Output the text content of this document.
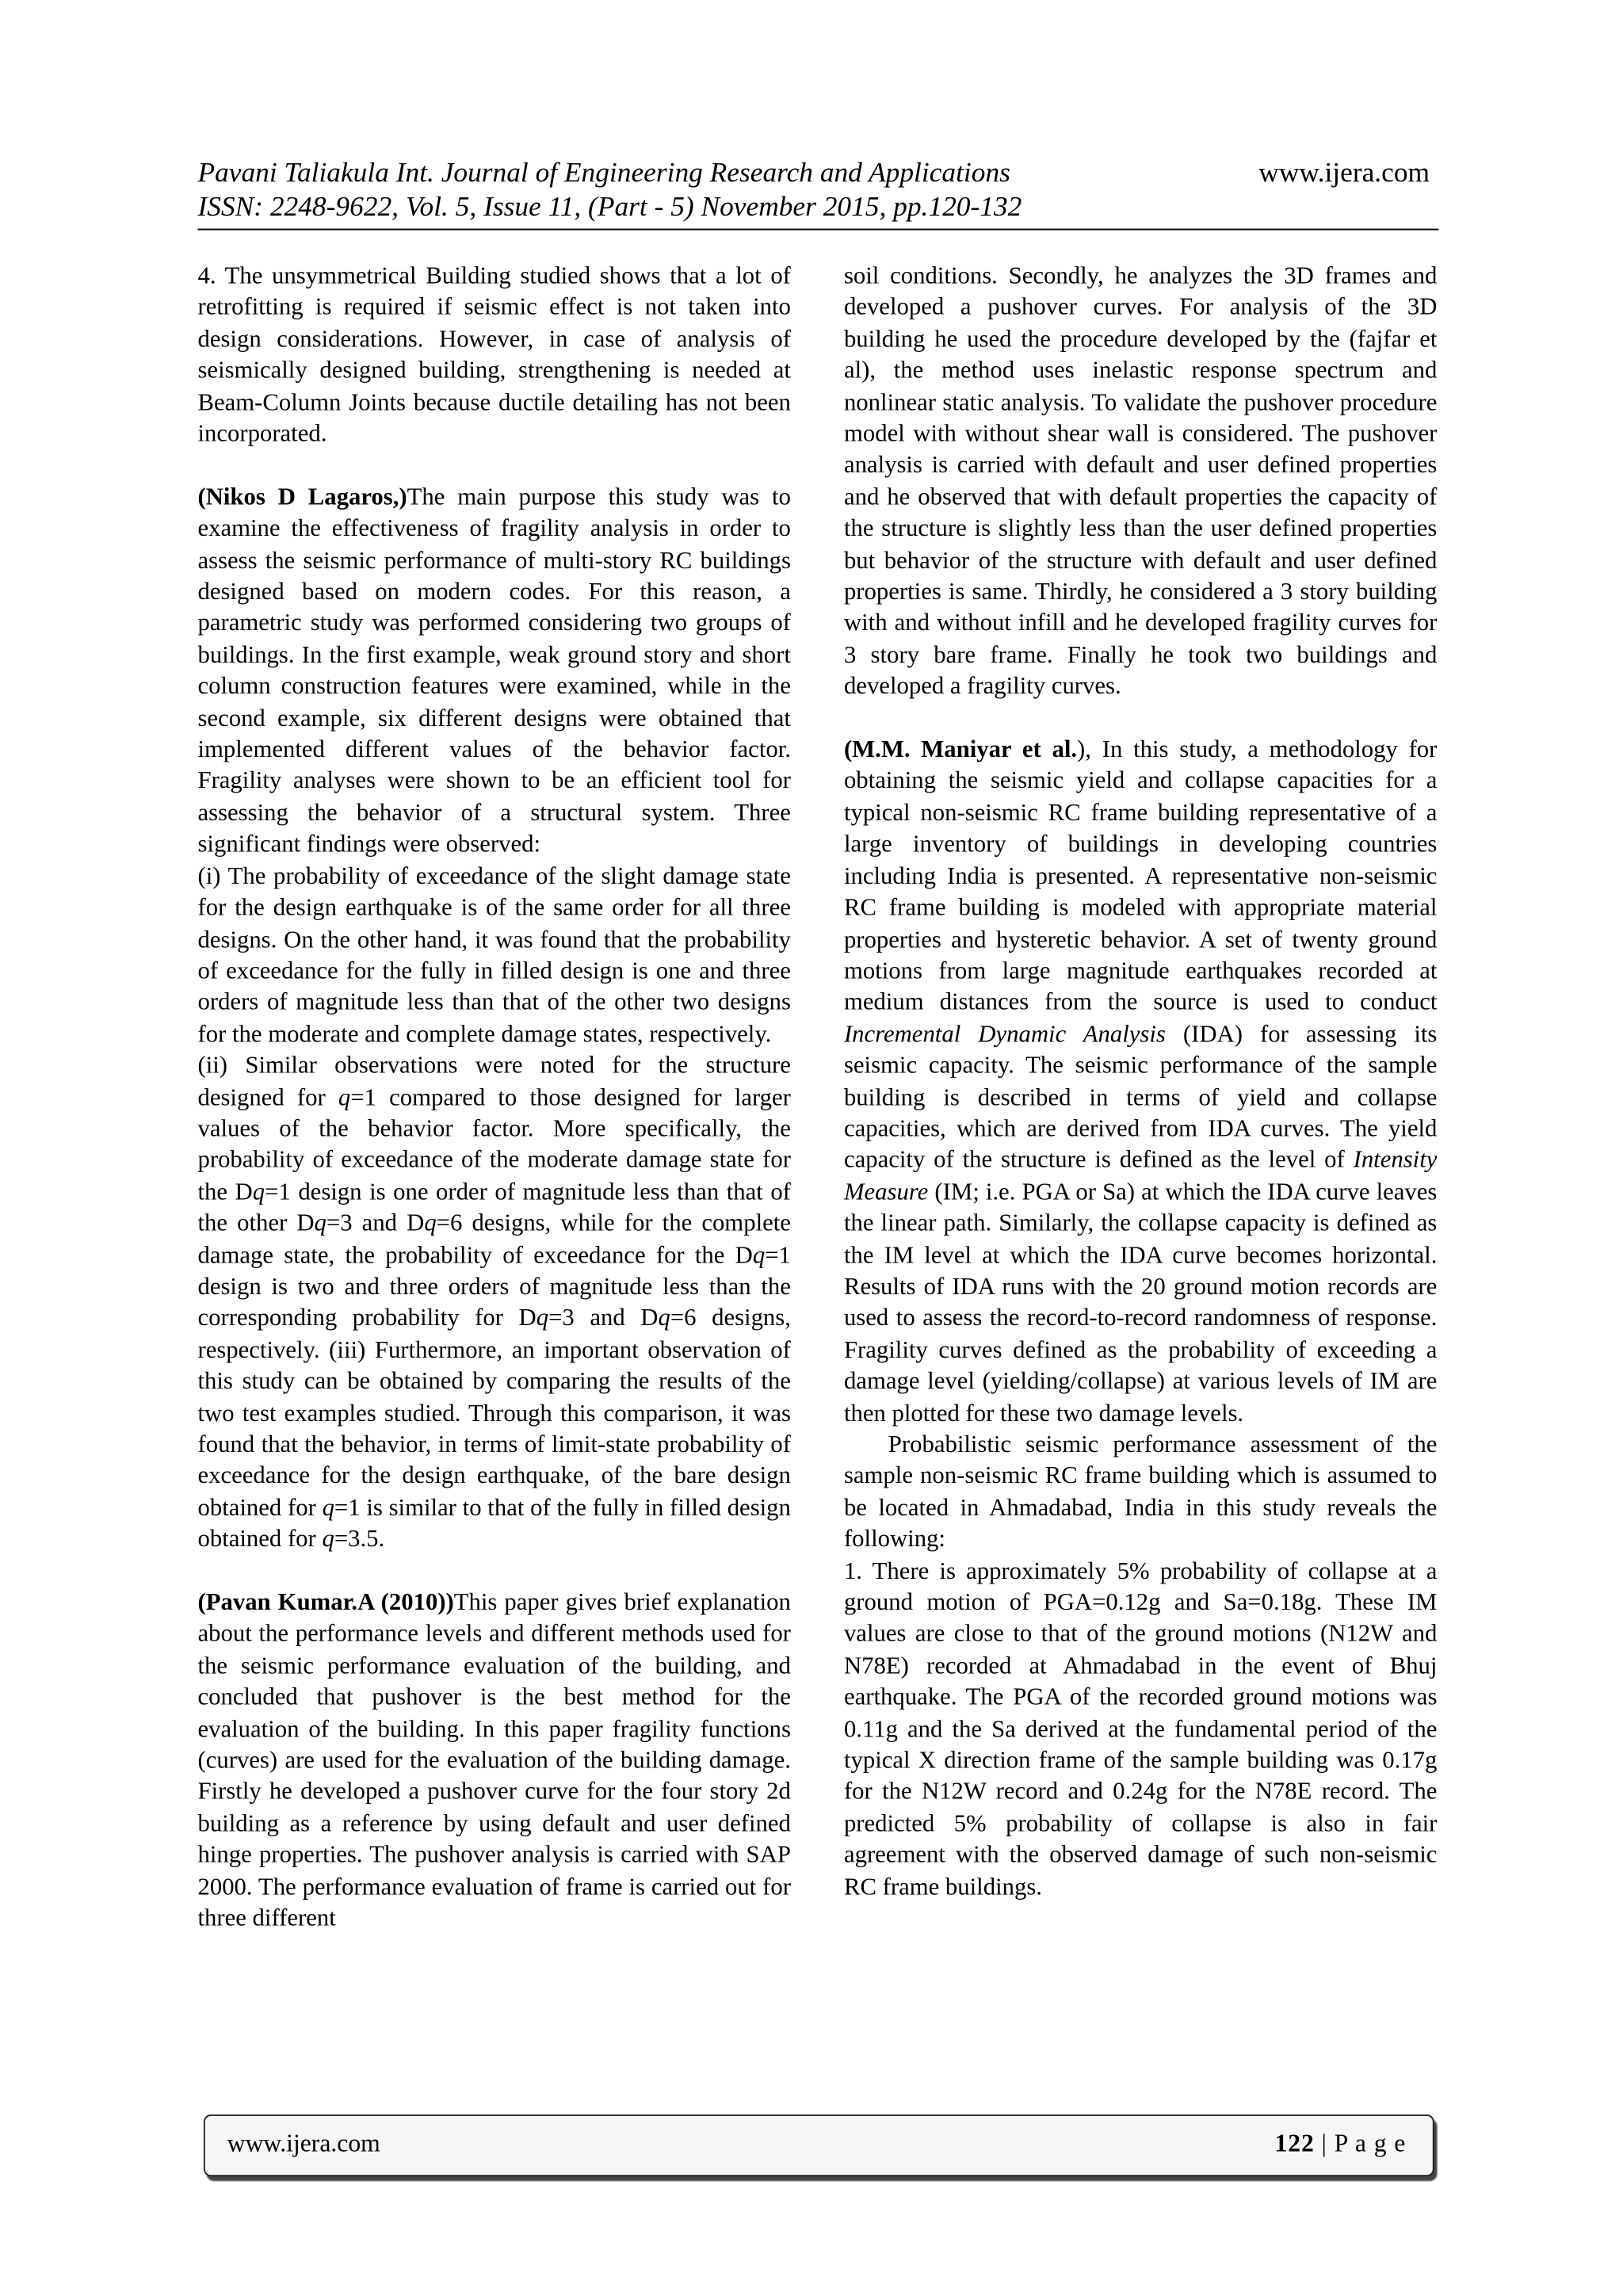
Pavani Taliakula Int. Journal of Engineering Research and Applications
ISSN: 2248-9622, Vol. 5, Issue 11, (Part - 5) November 2015, pp.120-132
www.ijera.com

4. The unsymmetrical Building studied shows that a lot of retrofitting is required if seismic effect is not taken into design considerations. However, in case of analysis of seismically designed building, strengthening is needed at Beam-Column Joints because ductile detailing has not been incorporated.

(Nikos D Lagaros,)The main purpose this study was to examine the effectiveness of fragility analysis in order to assess the seismic performance of multi-story RC buildings designed based on modern codes. For this reason, a parametric study was performed considering two groups of buildings. In the first example, weak ground story and short column construction features were examined, while in the second example, six different designs were obtained that implemented different values of the behavior factor. Fragility analyses were shown to be an efficient tool for assessing the behavior of a structural system. Three significant findings were observed:

(i) The probability of exceedance of the slight damage state for the design earthquake is of the same order for all three designs. On the other hand, it was found that the probability of exceedance for the fully in filled design is one and three orders of magnitude less than that of the other two designs for the moderate and complete damage states, respectively.

(ii) Similar observations were noted for the structure designed for q=1 compared to those designed for larger values of the behavior factor. More specifically, the probability of exceedance of the moderate damage state for the Dq=1 design is one order of magnitude less than that of the other Dq=3 and Dq=6 designs, while for the complete damage state, the probability of exceedance for the Dq=1 design is two and three orders of magnitude less than the corresponding probability for Dq=3 and Dq=6 designs, respectively. (iii) Furthermore, an important observation of this study can be obtained by comparing the results of the two test examples studied. Through this comparison, it was found that the behavior, in terms of limit-state probability of exceedance for the design earthquake, of the bare design obtained for q=1 is similar to that of the fully in filled design obtained for q=3.5.

(Pavan Kumar.A (2010))This paper gives brief explanation about the performance levels and different methods used for the seismic performance evaluation of the building, and concluded that pushover is the best method for the evaluation of the building. In this paper fragility functions (curves) are used for the evaluation of the building damage. Firstly he developed a pushover curve for the four story 2d building as a reference by using default and user defined hinge properties. The pushover analysis is carried with SAP 2000. The performance evaluation of frame is carried out for three different

soil conditions. Secondly, he analyzes the 3D frames and developed a pushover curves. For analysis of the 3D building he used the procedure developed by the (fajfar et al), the method uses inelastic response spectrum and nonlinear static analysis. To validate the pushover procedure model with without shear wall is considered. The pushover analysis is carried with default and user defined properties and he observed that with default properties the capacity of the structure is slightly less than the user defined properties but behavior of the structure with default and user defined properties is same. Thirdly, he considered a 3 story building with and without infill and he developed fragility curves for 3 story bare frame. Finally he took two buildings and developed a fragility curves.

(M.M. Maniyar et al.), In this study, a methodology for obtaining the seismic yield and collapse capacities for a typical non-seismic RC frame building representative of a large inventory of buildings in developing countries including India is presented. A representative non-seismic RC frame building is modeled with appropriate material properties and hysteretic behavior. A set of twenty ground motions from large magnitude earthquakes recorded at medium distances from the source is used to conduct Incremental Dynamic Analysis (IDA) for assessing its seismic capacity. The seismic performance of the sample building is described in terms of yield and collapse capacities, which are derived from IDA curves. The yield capacity of the structure is defined as the level of Intensity Measure (IM; i.e. PGA or Sa) at which the IDA curve leaves the linear path. Similarly, the collapse capacity is defined as the IM level at which the IDA curve becomes horizontal. Results of IDA runs with the 20 ground motion records are used to assess the record-to-record randomness of response. Fragility curves defined as the probability of exceeding a damage level (yielding/collapse) at various levels of IM are then plotted for these two damage levels.

Probabilistic seismic performance assessment of the sample non-seismic RC frame building which is assumed to be located in Ahmadabad, India in this study reveals the following:

1. There is approximately 5% probability of collapse at a ground motion of PGA=0.12g and Sa=0.18g. These IM values are close to that of the ground motions (N12W and N78E) recorded at Ahmadabad in the event of Bhuj earthquake. The PGA of the recorded ground motions was 0.11g and the Sa derived at the fundamental period of the typical X direction frame of the sample building was 0.17g for the N12W record and 0.24g for the N78E record. The predicted 5% probability of collapse is also in fair agreement with the observed damage of such non-seismic RC frame buildings.

www.ijera.com	122 | P a g e
